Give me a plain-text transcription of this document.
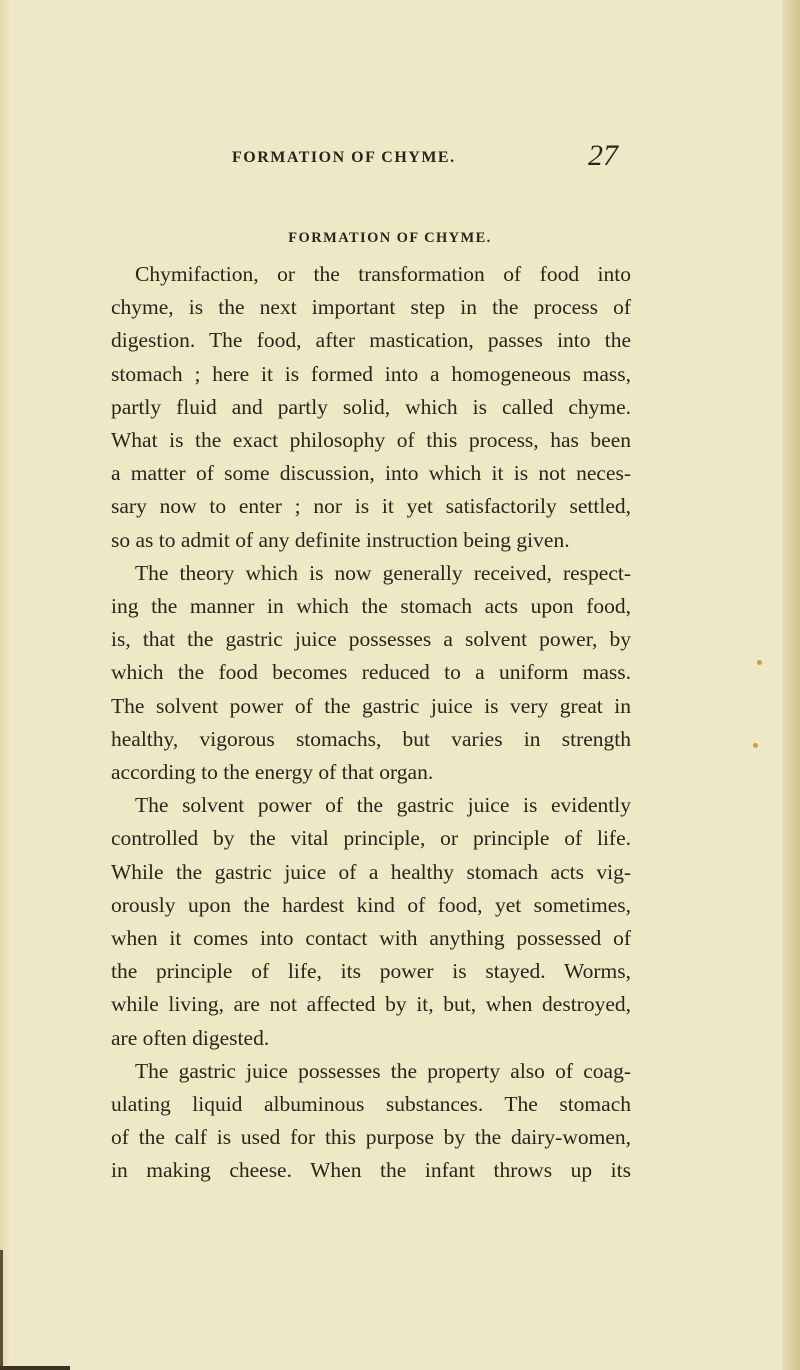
FORMATION OF CHYME.	27
FORMATION OF CHYME.
Chymifaction, or the transformation of food into
chyme, is the next important step in the process of
digestion. The food, after mastication, passes into the
stomach ; here it is formed into a homogeneous mass,
partly fluid and partly solid, which is called chyme.
What is the exact philosophy of this process, has been
a matter of some discussion, into which it is not neces-
sary now to enter ; nor is it yet satisfactorily settled,
so as to admit of any definite instruction being given.
The theory which is now generally received, respect-
ing the manner in which the stomach acts upon food,
is, that the gastric juice possesses a solvent power, by
which the food becomes reduced to a uniform mass.
The solvent power of the gastric juice is very great in
healthy, vigorous stomachs, but varies in strength
according to the energy of that organ.
The solvent power of the gastric juice is evidently
controlled by the vital principle, or principle of life.
While the gastric juice of a healthy stomach acts vig-
orously upon the hardest kind of food, yet sometimes,
when it comes into contact with anything possessed of
the principle of life, its power is stayed. Worms,
while living, are not affected by it, but, when destroyed,
are often digested.
The gastric juice possesses the property also of coag-
ulating liquid albuminous substances. The stomach
of the calf is used for this purpose by the dairy-women,
in making cheese. When the infant throws up its
